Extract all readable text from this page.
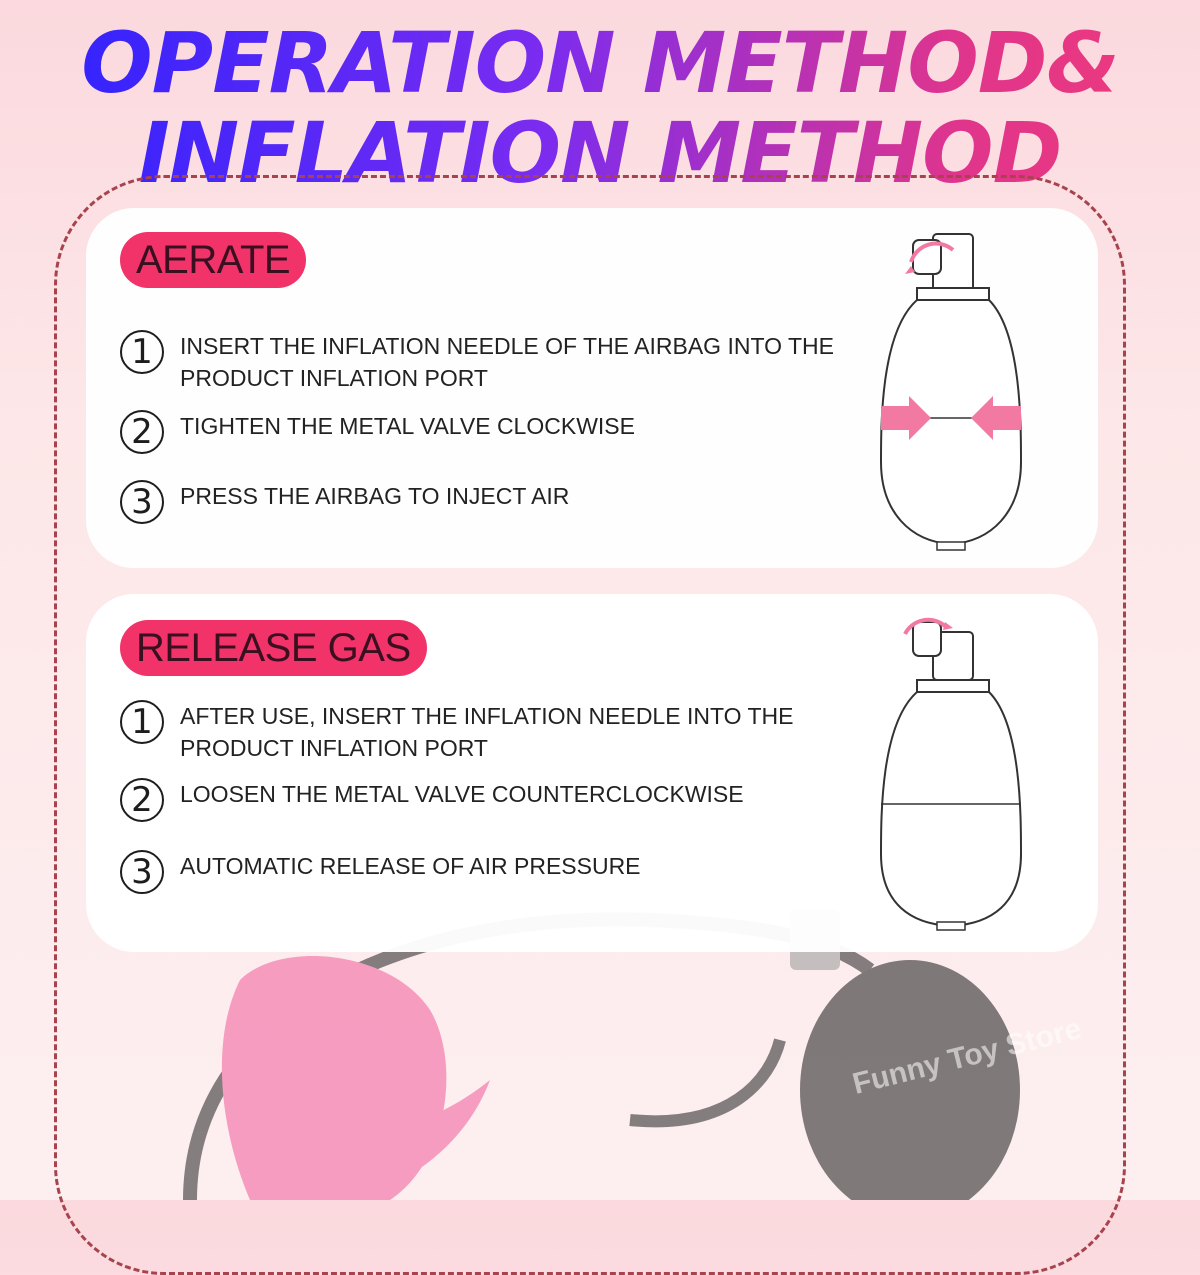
OPERATION METHOD&
INFLATION METHOD
Funny Toy Store
AERATE
1	INSERT THE INFLATION NEEDLE OF THE AIRBAG INTO THE PRODUCT INFLATION PORT
2	TIGHTEN THE METAL VALVE CLOCKWISE
3	PRESS THE AIRBAG TO INJECT AIR
RELEASE GAS
1	AFTER USE, INSERT THE INFLATION NEEDLE INTO THE PRODUCT INFLATION PORT
2	LOOSEN THE METAL VALVE COUNTERCLOCKWISE
3	AUTOMATIC RELEASE OF AIR PRESSURE
